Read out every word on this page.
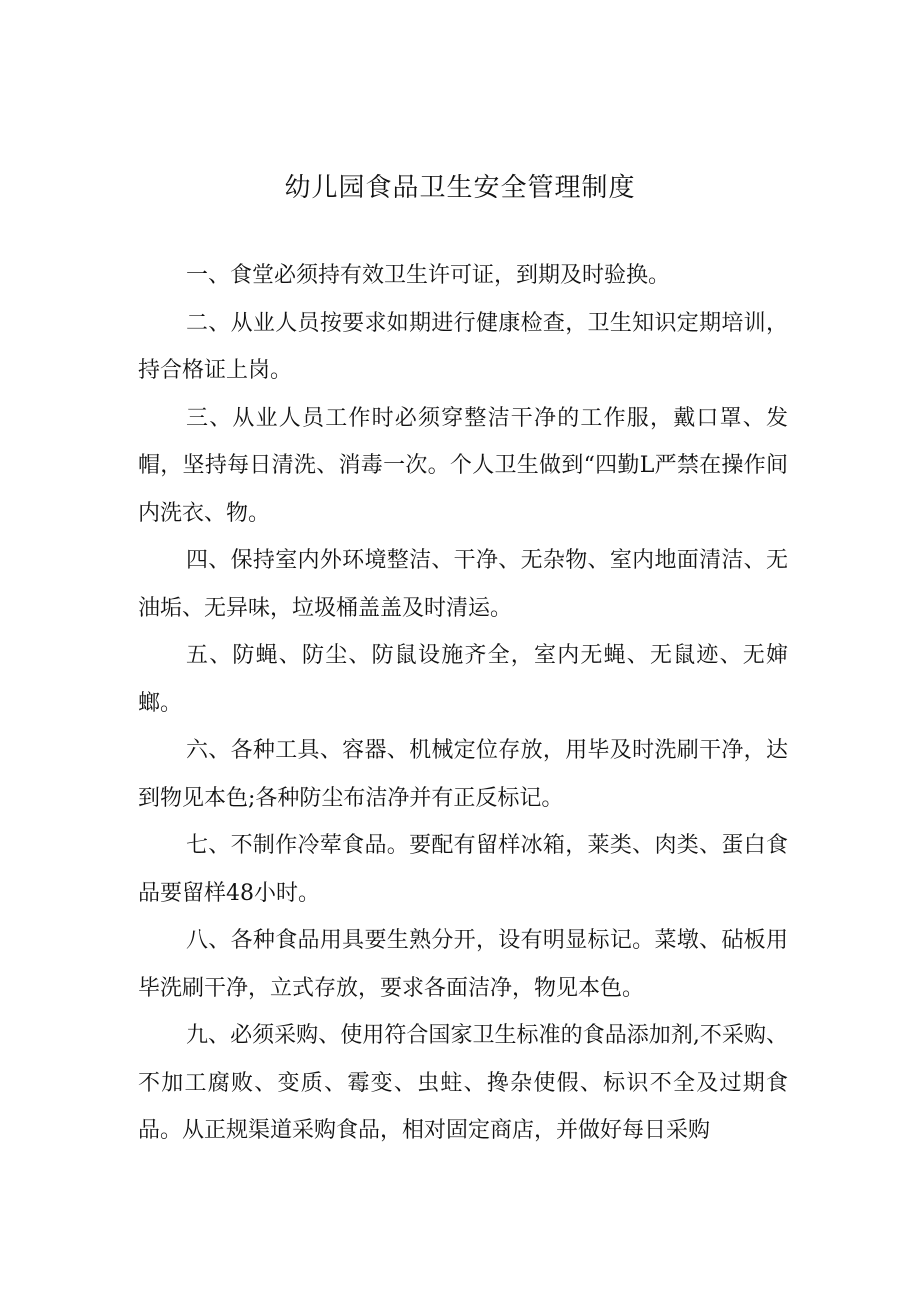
幼儿园食品卫生安全管理制度

一、食堂必须持有效卫生许可证，到期及时验换。

二、从业人员按要求如期进行健康检查，卫生知识定期培训，持合格证上岗。

三、从业人员工作时必须穿整洁干净的工作服，戴口罩、发帽，坚持每日清洗、消毒一次。个人卫生做到“四勤L严禁在操作间内洗衣、物。

四、保持室内外环境整洁、干净、无杂物、室内地面清洁、无油垢、无异味，垃圾桶盖盖及时清运。

五、防蝇、防尘、防鼠设施齐全，室内无蝇、无鼠迹、无婶螂。

六、各种工具、容器、机械定位存放，用毕及时洗刷干净，达到物见本色;各种防尘布洁净并有正反标记。

七、不制作冷荤食品。要配有留样冰箱，莱类、肉类、蛋白食品要留样48小时。

八、各种食品用具要生熟分开，设有明显标记。菜墩、砧板用毕洗刷干净，立式存放，要求各面洁净，物见本色。

九、必须采购、使用符合国家卫生标准的食品添加剂,不采购、不加工腐败、变质、霉变、虫蛀、搀杂使假、标识不全及过期食品。从正规渠道采购食品，相对固定商店，并做好每日采购
